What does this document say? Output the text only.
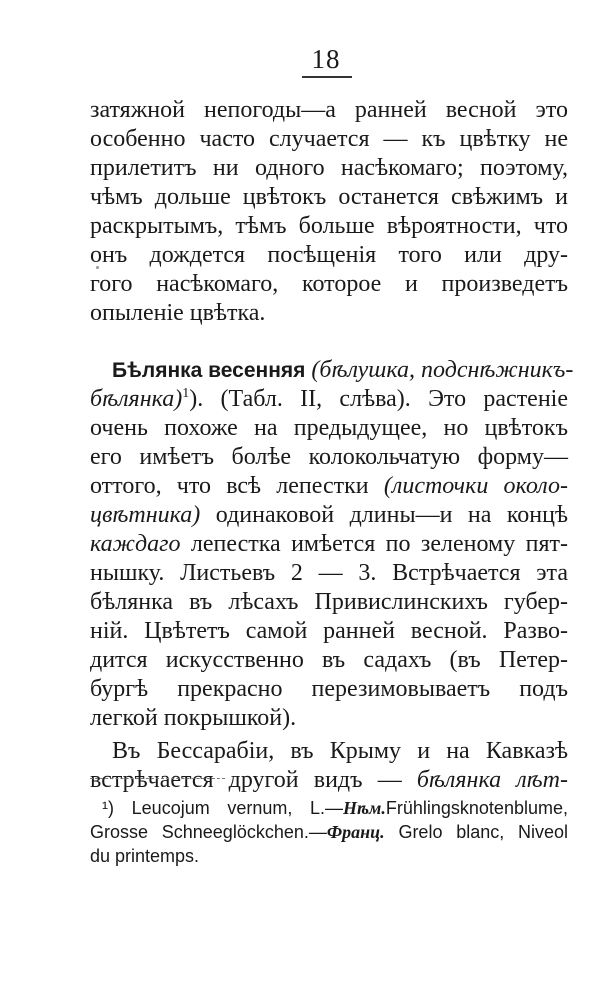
18
затяжной непогоды—а ранней весной это
особенно часто случается — къ цвѣтку не
прилетитъ ни одного насѣкомаго; поэтому,
чѣмъ дольше цвѣтокъ останется свѣжимъ и
раскрытымъ, тѣмъ больше вѣроятности, что
онъ дождется посѣщенія того или дру-
гого насѣкомаго, которое и произведетъ
опыленіе цвѣтка.
Бѣлянка весенняя (бѣлушка, подснѣжникъ-
бѣлянка)$^1$). (Табл. II, слѣва). Это растеніе
очень похоже на предыдущее, но цвѣтокъ
его имѣетъ болѣе колокольчатую форму—
оттого, что всѣ лепестки (листочки около-
цвѣтника) одинаковой длины—и на концѣ
каждаго лепестка имѣется по зеленому пят-
нышку. Листьевъ 2 — 3. Встрѣчается эта
бѣлянка въ лѣсахъ Привислинскихъ губер-
ній. Цвѣтетъ самой ранней весной. Разво-
дится искусственно въ садахъ (въ Петер-
бургѣ прекрасно перезимовываетъ подъ
легкой покрышкой).
Въ Бессарабіи, въ Крыму и на Кавказѣ
встрѣчается другой видъ — бѣлянка лѣт-
¹) Leucojum vernum, L.—Нѣм.Frühlingsknotenblume,
Grosse Schneeglöckchen.—Франц. Grelo blanc, Niveol
du printemps.
